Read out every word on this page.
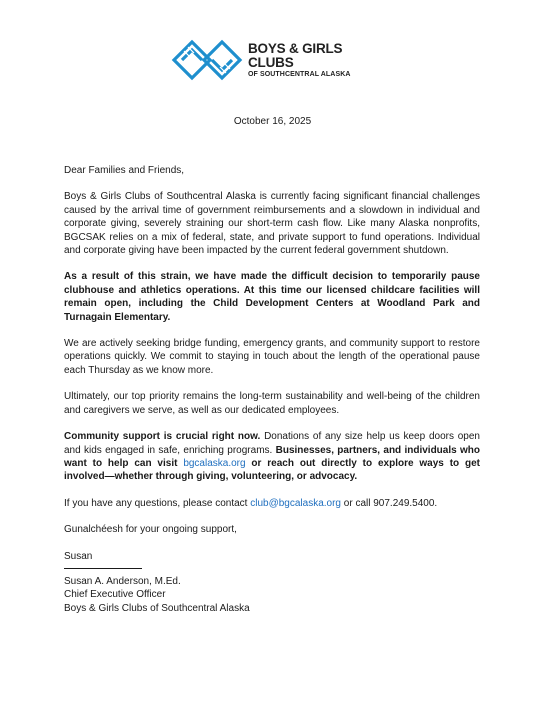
BOYS & GIRLS CLUBS
OF SOUTHCENTRAL ALASKA
October 16, 2025

Dear Families and Friends,

Boys & Girls Clubs of Southcentral Alaska is currently facing significant financial challenges caused by the arrival time of government reimbursements and a slowdown in individual and corporate giving, severely straining our short-term cash flow. Like many Alaska nonprofits, BGCSAK relies on a mix of federal, state, and private support to fund operations. Individual and corporate giving have been impacted by the current federal government shutdown.

As a result of this strain, we have made the difficult decision to temporarily pause clubhouse and athletics operations. At this time our licensed childcare facilities will remain open, including the Child Development Centers at Woodland Park and Turnagain Elementary.

We are actively seeking bridge funding, emergency grants, and community support to restore operations quickly. We commit to staying in touch about the length of the operational pause each Thursday as we know more.

Ultimately, our top priority remains the long-term sustainability and well-being of the children and caregivers we serve, as well as our dedicated employees.

Community support is crucial right now. Donations of any size help us keep doors open and kids engaged in safe, enriching programs. Businesses, partners, and individuals who want to help can visit bgcalaska.org or reach out directly to explore ways to get involved—whether through giving, volunteering, or advocacy.

If you have any questions, please contact club@bgcalaska.org or call 907.249.5400.

Gunalchéesh for your ongoing support,

Susan

Susan A. Anderson, M.Ed.

Chief Executive Officer

Boys & Girls Clubs of Southcentral Alaska
